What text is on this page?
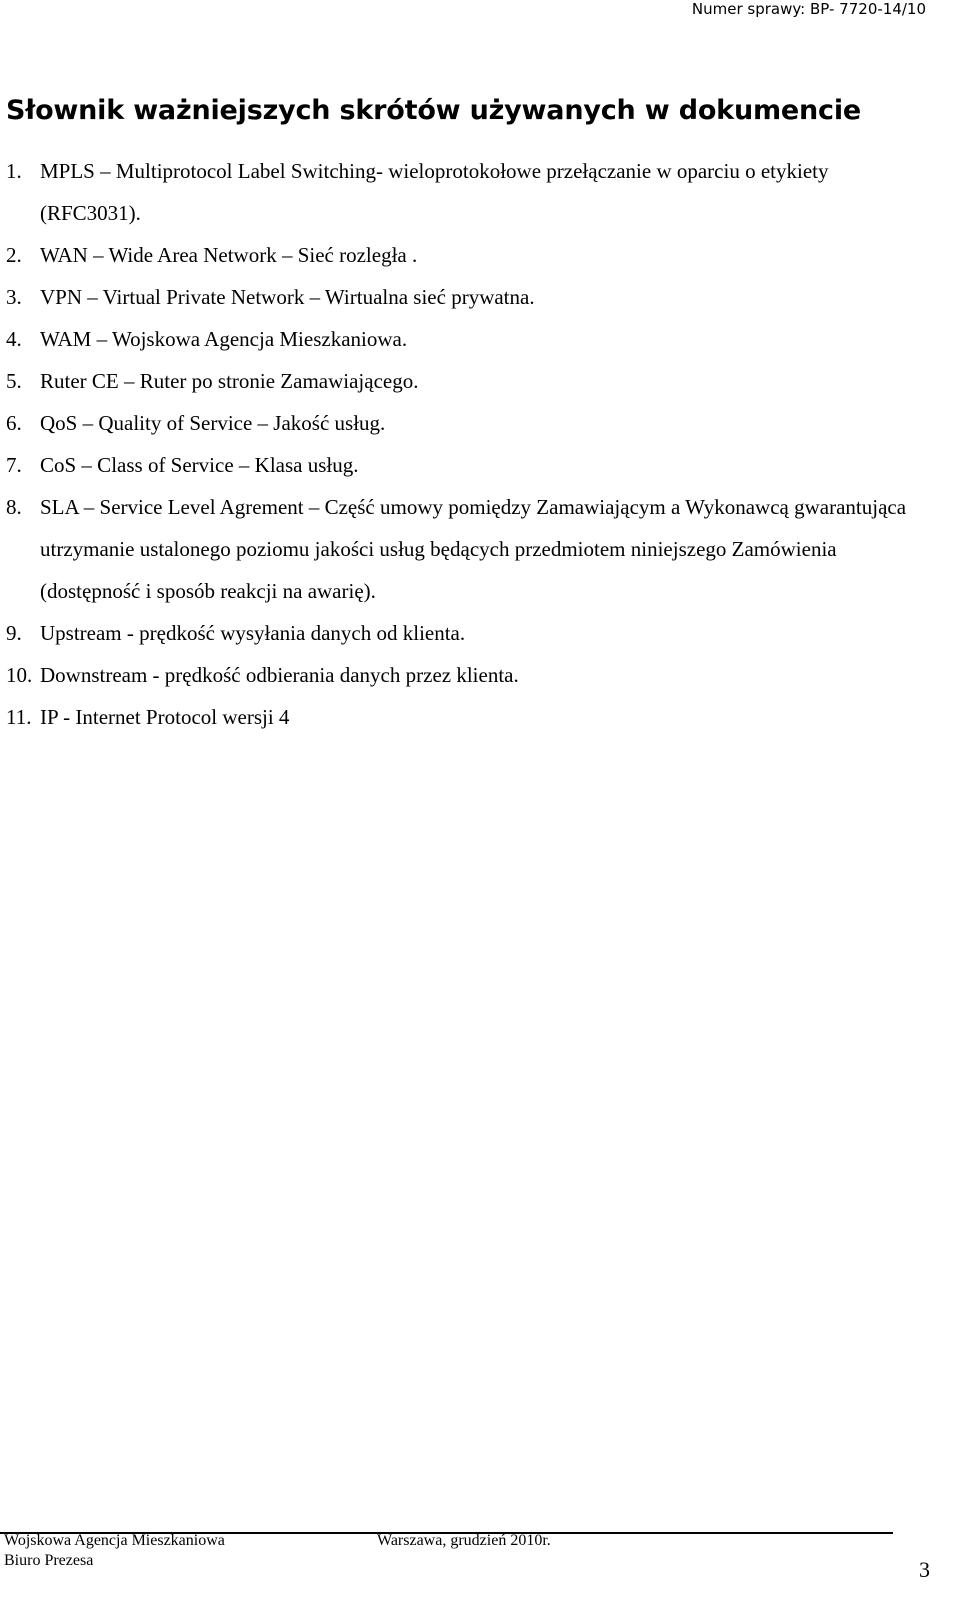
Numer sprawy: BP- 7720-14/10
Słownik ważniejszych skrótów używanych w dokumencie
1. MPLS – Multiprotocol Label Switching- wieloprotokołowe przełączanie w oparciu o etykiety (RFC3031).
2. WAN – Wide Area Network – Sieć rozległa .
3. VPN – Virtual Private Network – Wirtualna sieć prywatna.
4. WAM – Wojskowa Agencja Mieszkaniowa.
5. Ruter CE – Ruter po stronie Zamawiającego.
6. QoS – Quality of Service – Jakość usług.
7. CoS – Class of Service – Klasa usług.
8. SLA – Service Level Agrement – Część umowy pomiędzy Zamawiającym a Wykonawcą gwarantująca utrzymanie ustalonego poziomu jakości usług będących przedmiotem niniejszego Zamówienia (dostępność i sposób reakcji na awarię).
9. Upstream - prędkość wysyłania danych od klienta.
10. Downstream - prędkość odbierania danych przez klienta.
11. IP - Internet Protocol wersji 4
Wojskowa Agencja Mieszkaniowa
Biuro Prezesa
Warszawa, grudzień 2010r.
3
